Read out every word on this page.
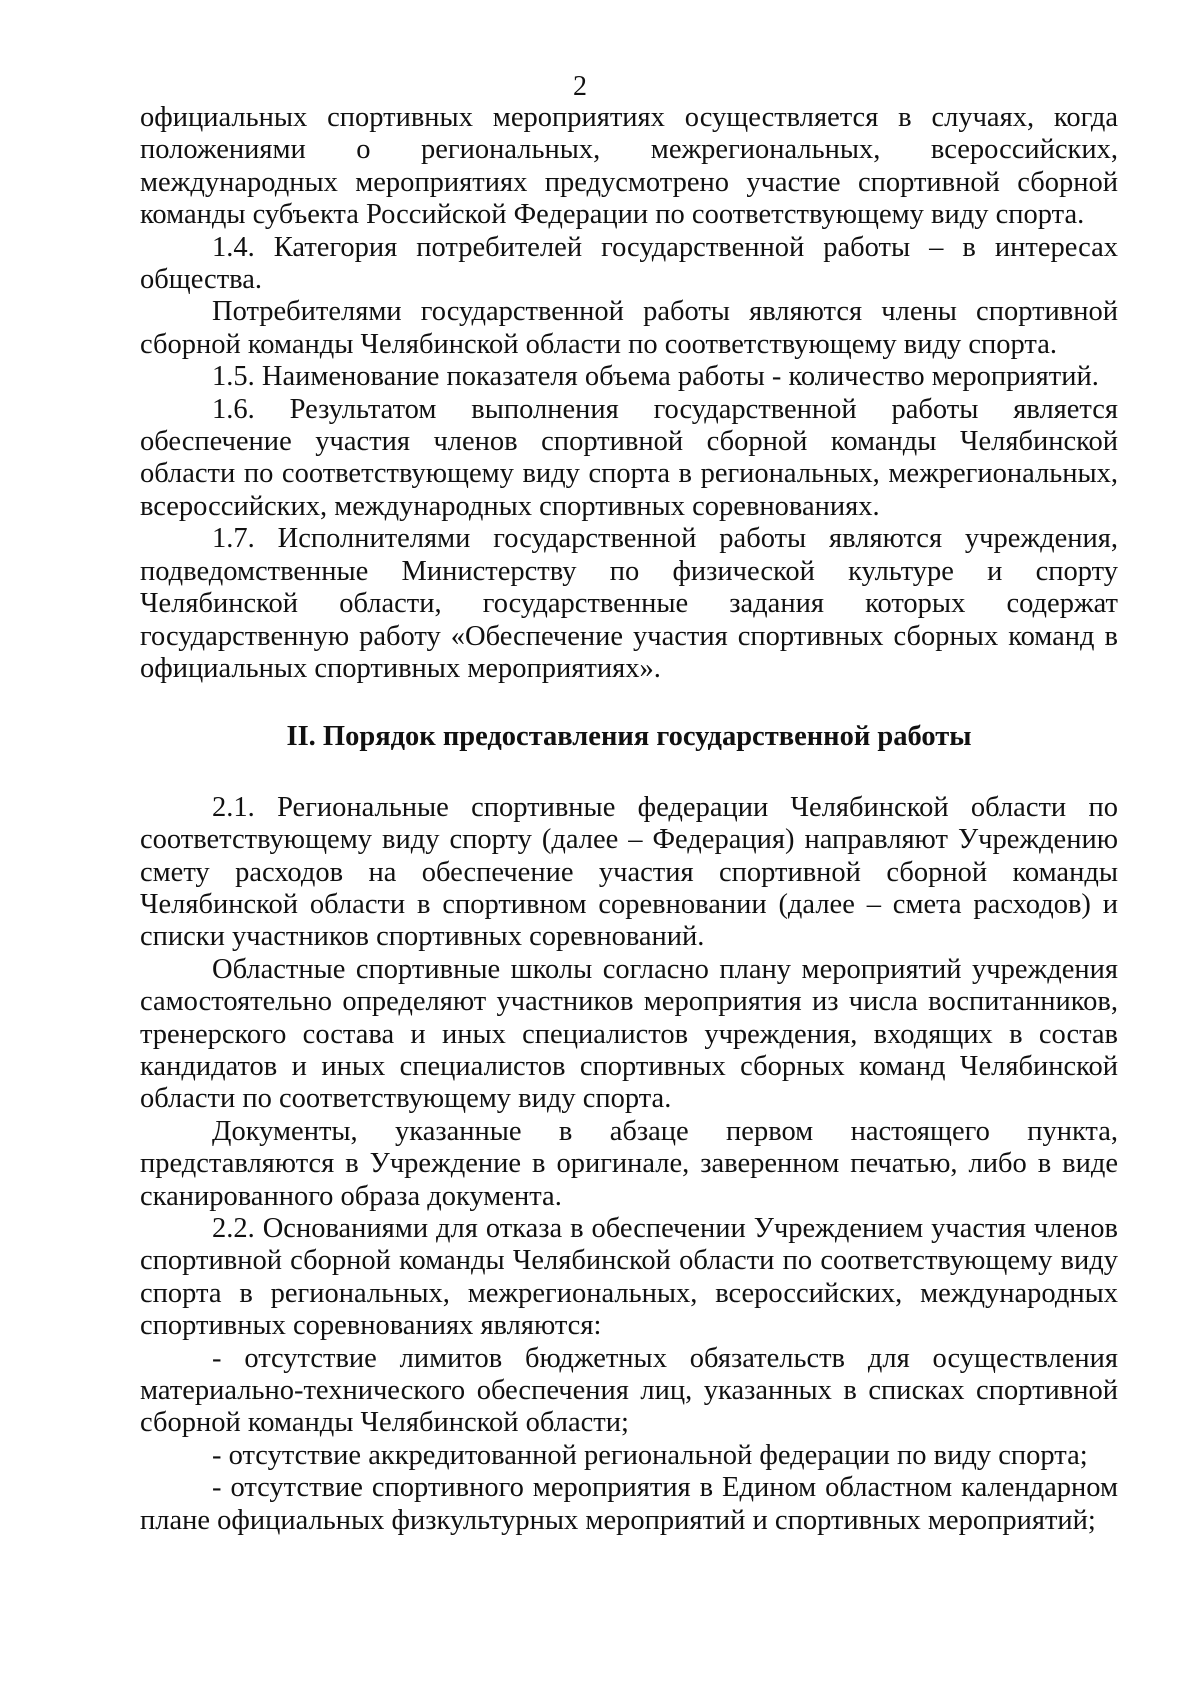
2

официальных спортивных мероприятиях осуществляется в случаях, когда положениями о региональных, межрегиональных, всероссийских, международных мероприятиях предусмотрено участие спортивной сборной команды субъекта Российской Федерации по соответствующему виду спорта.

1.4. Категория потребителей государственной работы – в интересах общества.

Потребителями государственной работы являются члены спортивной сборной команды Челябинской области по соответствующему виду спорта.

1.5. Наименование показателя объема работы - количество мероприятий.

1.6. Результатом выполнения государственной работы является обеспечение участия членов спортивной сборной команды Челябинской области по соответствующему виду спорта в региональных, межрегиональных, всероссийских, международных спортивных соревнованиях.

1.7. Исполнителями государственной работы являются учреждения, подведомственные Министерству по физической культуре и спорту Челябинской области, государственные задания которых содержат государственную работу «Обеспечение участия спортивных сборных команд в официальных спортивных мероприятиях».

II. Порядок предоставления государственной работы

2.1. Региональные спортивные федерации Челябинской области по соответствующему виду спорту (далее – Федерация) направляют Учреждению смету расходов на обеспечение участия спортивной сборной команды Челябинской области в спортивном соревновании (далее – смета расходов) и списки участников спортивных соревнований.

Областные спортивные школы согласно плану мероприятий учреждения самостоятельно определяют участников мероприятия из числа воспитанников, тренерского состава и иных специалистов учреждения, входящих в состав кандидатов и иных специалистов спортивных сборных команд Челябинской области по соответствующему виду спорта.

Документы, указанные в абзаце первом настоящего пункта, представляются в Учреждение в оригинале, заверенном печатью, либо в виде сканированного образа документа.

2.2. Основаниями для отказа в обеспечении Учреждением участия членов спортивной сборной команды Челябинской области по соответствующему виду спорта в региональных, межрегиональных, всероссийских, международных спортивных соревнованиях являются:

- отсутствие лимитов бюджетных обязательств для осуществления материально-технического обеспечения лиц, указанных в списках спортивной сборной команды Челябинской области;

- отсутствие аккредитованной региональной федерации по виду спорта;

- отсутствие спортивного мероприятия в Едином областном календарном плане официальных физкультурных мероприятий и спортивных мероприятий;
